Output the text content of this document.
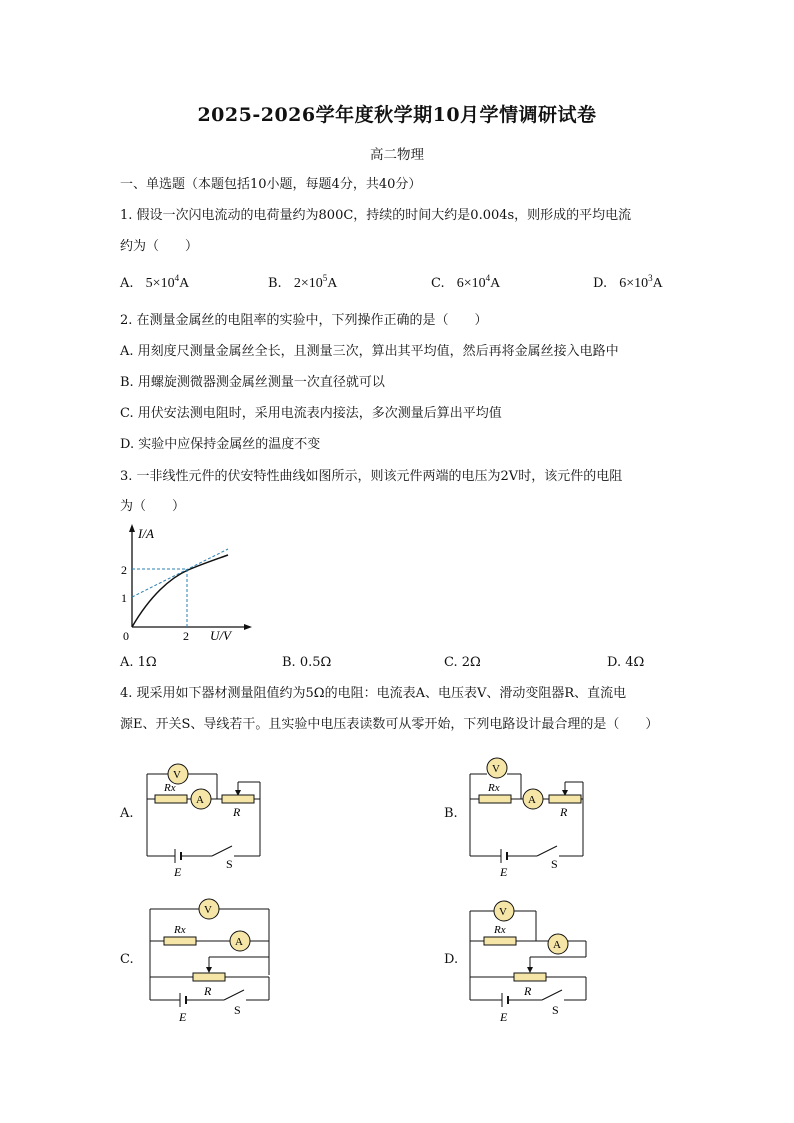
2025-2026学年度秋学期10月学情调研试卷
高二物理
一、单选题（本题包括10小题，每题4分，共40分）
1. 假设一次闪电流动的电荷量约为800C，持续的时间大约是0.004s，则形成的平均电流
约为（　　）
A. $5\times 10^4A$	B. $2\times 10^5A$	C. $6\times 10^4A$	D. $6\times 10^3A$
2. 在测量金属丝的电阻率的实验中，下列操作正确的是（　　）
A. 用刻度尺测量金属丝全长，且测量三次，算出其平均值，然后再将金属丝接入电路中
B. 用螺旋测微器测金属丝测量一次直径就可以
C. 用伏安法测电阻时，采用电流表内接法，多次测量后算出平均值
D. 实验中应保持金属丝的温度不变
3. 一非线性元件的伏安特性曲线如图所示，则该元件两端的电压为2V时，该元件的电阻
为（　　）
I/A
U/V
0
2
1
2
A. 1Ω	B. 0.5Ω	C. 2Ω	D. 4Ω
4. 现采用如下器材测量阻值约为5Ω的电阻：电流表A、电压表V、滑动变阻器R、直流电
源E、开关S、导线若干。且实验中电压表读数可从零开始，下列电路设计最合理的是（　　）
A.
V
A
Rx
R
E
S
B.
V
A
Rx
R
E
S
C.
V
A
Rx
R
E	S
D.
V
A
Rx
R
E	S
